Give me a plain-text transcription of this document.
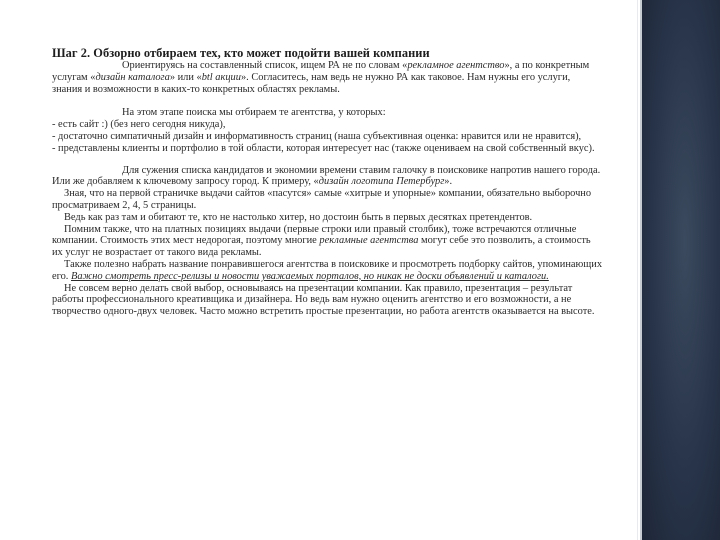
Шаг 2. Обзорно отбираем тех, кто может подойти вашей компании

Ориентируясь на составленный список, ищем РА не по словам «рекламное агентство», а по конкретным услугам «дизайн каталога» или «btl акции». Согласитесь, нам ведь не нужно РА как таковое. Нам нужны его услуги, знания и возможности в каких-то конкретных областях рекламы.

На этом этапе поиска мы отбираем те агентства, у которых:

- есть сайт :) (без него сегодня никуда),

- достаточно симпатичный дизайн и информативность страниц (наша субъективная оценка: нравится или не нравится),

- представлены клиенты и портфолио в той области, которая интересует нас (также оцениваем на свой собственный вкус).

Для сужения списка кандидатов и экономии времени ставим галочку в поисковике напротив нашего города. Или же добавляем к ключевому запросу город. К примеру, «дизайн логотипа Петербург».

Зная, что на первой страничке выдачи сайтов «пасутся» самые «хитрые и упорные» компании, обязательно выборочно просматриваем 2, 4, 5 страницы.

Ведь как раз там и обитают те, кто не настолько хитер, но достоин быть в первых десятках претендентов.

Помним также, что на платных позициях выдачи (первые строки или правый столбик), тоже встречаются отличные компании. Стоимость этих мест недорогая, поэтому многие рекламные агентства могут себе это позволить, а стоимость их услуг не возрастает от такого вида рекламы.

Также полезно набрать название понравившегося агентства в поисковике и просмотреть подборку сайтов, упоминающих его. Важно смотреть пресс-релизы и новости уважаемых порталов, но никак не доски объявлений и каталоги.

Не совсем верно делать свой выбор, основываясь на презентации компании. Как правило, презентация – результат работы профессионального креативщика и дизайнера. Но ведь вам нужно оценить агентство и его возможности, а не творчество одного-двух человек. Часто можно встретить простые презентации, но работа агентств оказывается на высоте.
